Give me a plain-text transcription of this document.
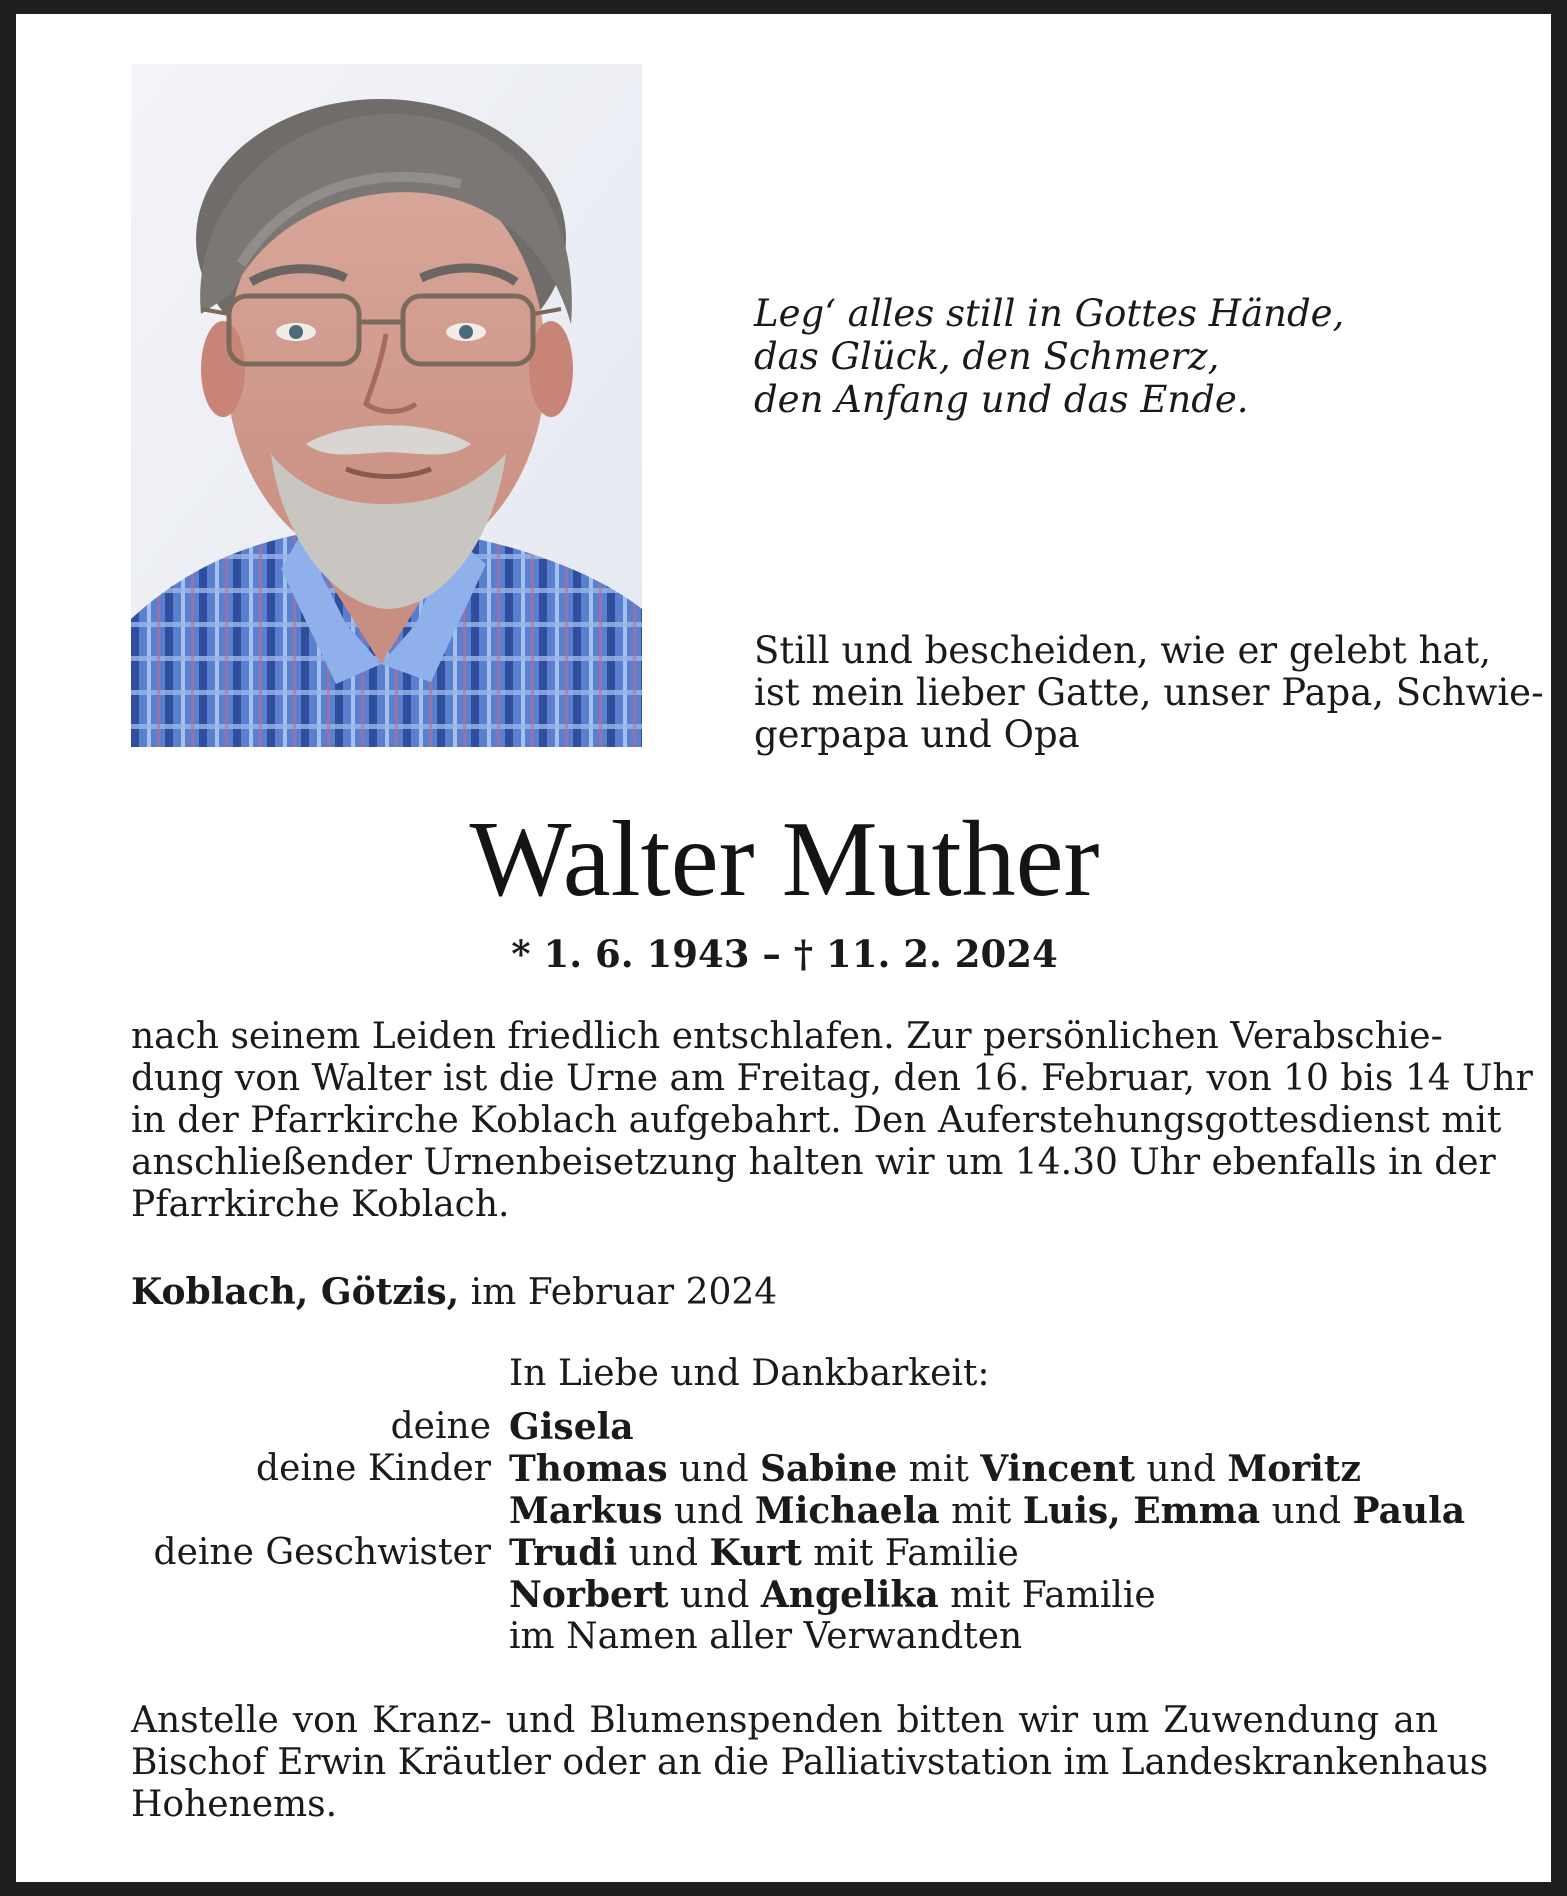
Leg‘ alles still in Gottes Hände,
das Glück, den Schmerz,
den Anfang und das Ende.
Still und bescheiden, wie er gelebt hat,
ist mein lieber Gatte, unser Papa, Schwie-
gerpapa und Opa
Walter Muther
* 1. 6. 1943 – † 11. 2. 2024
nach seinem Leiden friedlich entschlafen. Zur persönlichen Verabschie-
dung von Walter ist die Urne am Freitag, den 16. Februar, von 10 bis 14 Uhr
in der Pfarrkirche Koblach aufgebahrt. Den Auferstehungsgottesdienst mit
anschließender Urnenbeisetzung halten wir um 14.30 Uhr ebenfalls in der
Pfarrkirche Koblach.
Koblach, Götzis, im Februar 2024
In Liebe und Dankbarkeit:
deine Gisela
deine Kinder Thomas und Sabine mit Vincent und Moritz
Markus und Michaela mit Luis, Emma und Paula
deine Geschwister Trudi und Kurt mit Familie
Norbert und Angelika mit Familie
im Namen aller Verwandten
Anstelle von Kranz- und Blumenspenden bitten wir um Zuwendung an
Bischof Erwin Kräutler oder an die Palliativstation im Landeskrankenhaus
Hohenems.
